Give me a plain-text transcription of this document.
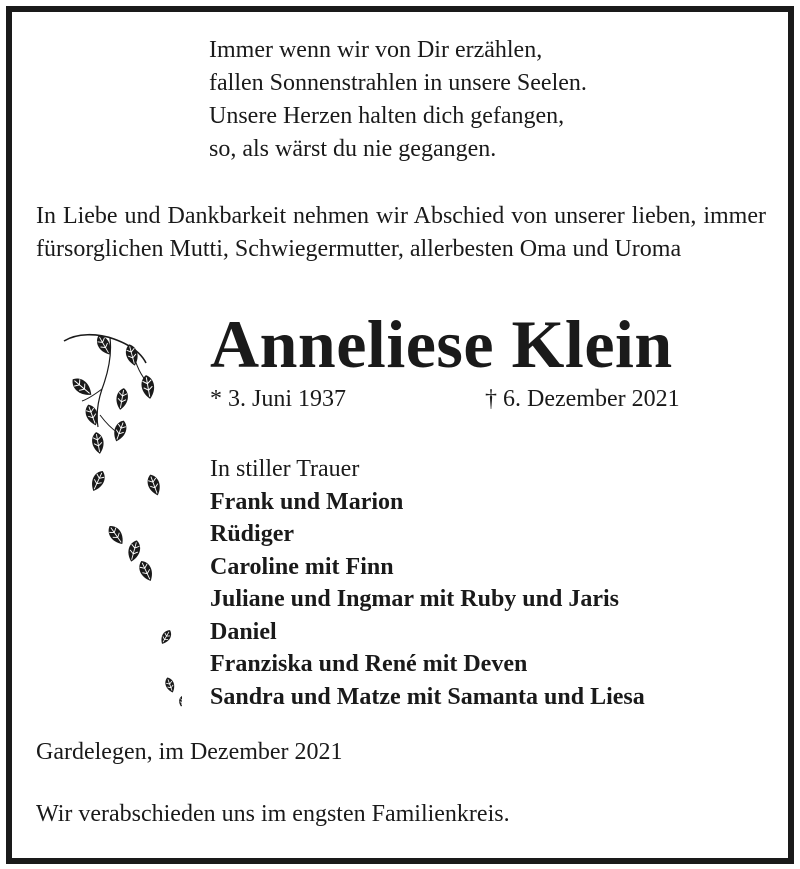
Immer wenn wir von Dir erzählen,
fallen Sonnenstrahlen in unsere Seelen.
Unsere Herzen halten dich gefangen,
so, als wärst du nie gegangen.
In Liebe und Dankbarkeit nehmen wir Abschied von unserer lieben, immer fürsorglichen Mutti, Schwiegermutter, allerbesten Oma und Uroma
Anneliese Klein
* 3. Juni 1937	† 6. Dezember 2021
In stiller Trauer
Frank und Marion
Rüdiger
Caroline mit Finn
Juliane und Ingmar mit Ruby und Jaris
Daniel
Franziska und René mit Deven
Sandra und Matze mit Samanta und Liesa
Gardelegen, im Dezember 2021
Wir verabschieden uns im engsten Familienkreis.
